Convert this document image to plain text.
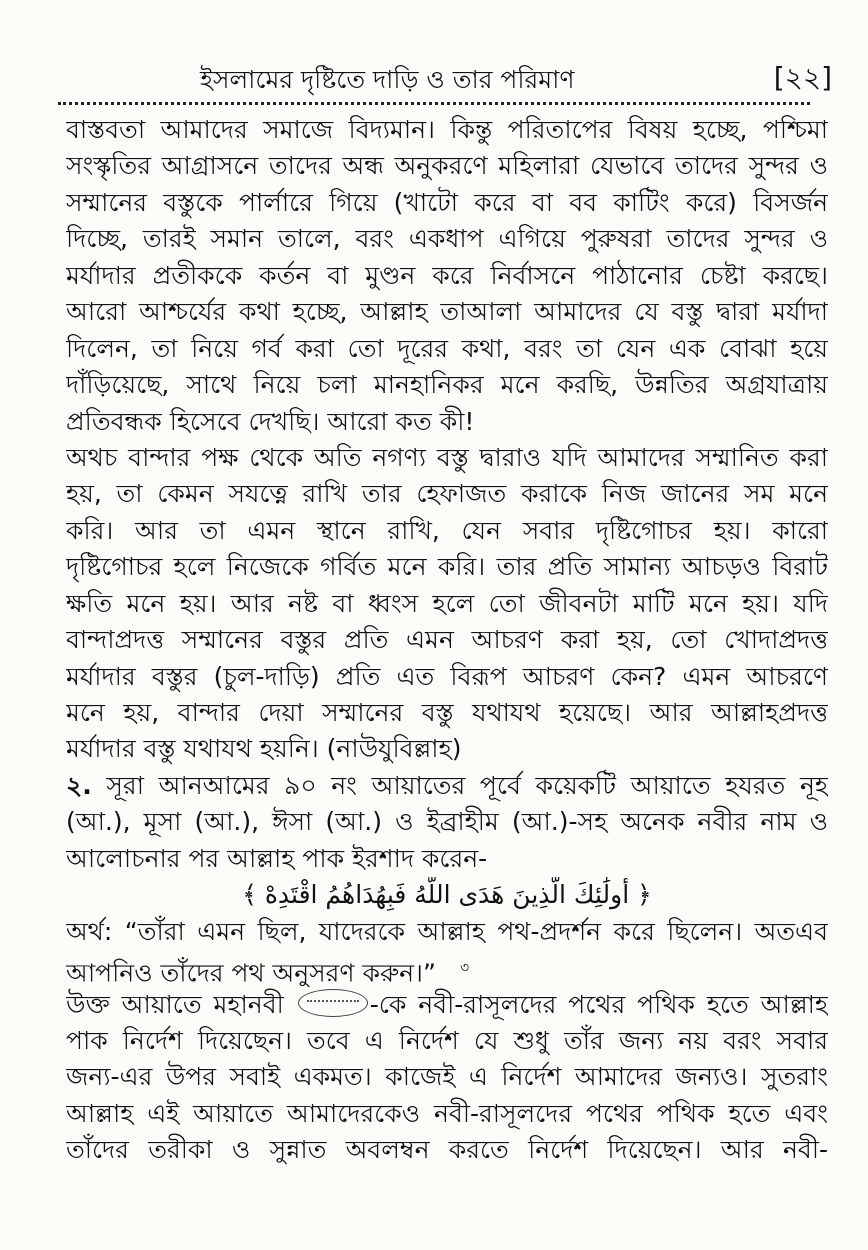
ইসলামের দৃষ্টিতে দাড়ি ও তার পরিমাণ	[২২]
বাস্তবতা আমাদের সমাজে বিদ্যমান। কিন্তু পরিতাপের বিষয় হচ্ছে, পশ্চিমা
সংস্কৃতির আগ্রাসনে তাদের অন্ধ অনুকরণে মহিলারা যেভাবে তাদের সুন্দর ও
সম্মানের বস্তুকে পার্লারে গিয়ে (খাটো করে বা বব কাটিং করে) বিসর্জন
দিচ্ছে, তারই সমান তালে, বরং একধাপ এগিয়ে পুরুষরা তাদের সুন্দর ও
মর্যাদার প্রতীককে কর্তন বা মুণ্ডন করে নির্বাসনে পাঠানোর চেষ্টা করছে।
আরো আশ্চর্যের কথা হচ্ছে, আল্লাহ তাআলা আমাদের যে বস্তু দ্বারা মর্যাদা
দিলেন, তা নিয়ে গর্ব করা তো দূরের কথা, বরং তা যেন এক বোঝা হয়ে
দাঁড়িয়েছে, সাথে নিয়ে চলা মানহানিকর মনে করছি, উন্নতির অগ্রযাত্রায়
প্রতিবন্ধক হিসেবে দেখছি। আরো কত কী!
অথচ বান্দার পক্ষ থেকে অতি নগণ্য বস্তু দ্বারাও যদি আমাদের সম্মানিত করা
হয়, তা কেমন সযত্নে রাখি তার হেফাজত করাকে নিজ জানের সম মনে
করি। আর তা এমন স্থানে রাখি, যেন সবার দৃষ্টিগোচর হয়। কারো
দৃষ্টিগোচর হলে নিজেকে গর্বিত মনে করি। তার প্রতি সামান্য আচড়ও বিরাট
ক্ষতি মনে হয়। আর নষ্ট বা ধ্বংস হলে তো জীবনটা মাটি মনে হয়। যদি
বান্দাপ্রদত্ত সম্মানের বস্তুর প্রতি এমন আচরণ করা হয়, তো খোদাপ্রদত্ত
মর্যাদার বস্তুর (চুল-দাড়ি) প্রতি এত বিরূপ আচরণ কেন? এমন আচরণে
মনে হয়, বান্দার দেয়া সম্মানের বস্তু যথাযথ হয়েছে। আর আল্লাহপ্রদত্ত
মর্যাদার বস্তু যথাযথ হয়নি। (নাউযুবিল্লাহ)
২. সূরা আনআমের ৯০ নং আয়াতের পূর্বে কয়েকটি আয়াতে হযরত নূহ
(আ.), মূসা (আ.), ঈসা (আ.) ও ইব্রাহীম (আ.)-সহ অনেক নবীর নাম ও
আলোচনার পর আল্লাহ পাক ইরশাদ করেন-
﴿ أُولَٰئِكَ الَّذِينَ هَدَى اللَّهُ فَبِهُدَاهُمُ اقْتَدِهْ ﴾
অর্থ: “তাঁরা এমন ছিল, যাদেরকে আল্লাহ পথ-প্রদর্শন করে ছিলেন। অতএব
আপনিও তাঁদের পথ অনুসরণ করুন।” $^৩$
উক্ত আয়াতে মহানবী	-কে নবী-রাসূলদের পথের পথিক হতে আল্লাহ
পাক নির্দেশ দিয়েছেন। তবে এ নির্দেশ যে শুধু তাঁর জন্য নয় বরং সবার
জন্য-এর উপর সবাই একমত। কাজেই এ নির্দেশ আমাদের জন্যও। সুতরাং
আল্লাহ এই আয়াতে আমাদেরকেও নবী-রাসূলদের পথের পথিক হতে এবং
তাঁদের তরীকা ও সুন্নাত অবলম্বন করতে নির্দেশ দিয়েছেন। আর নবী-
